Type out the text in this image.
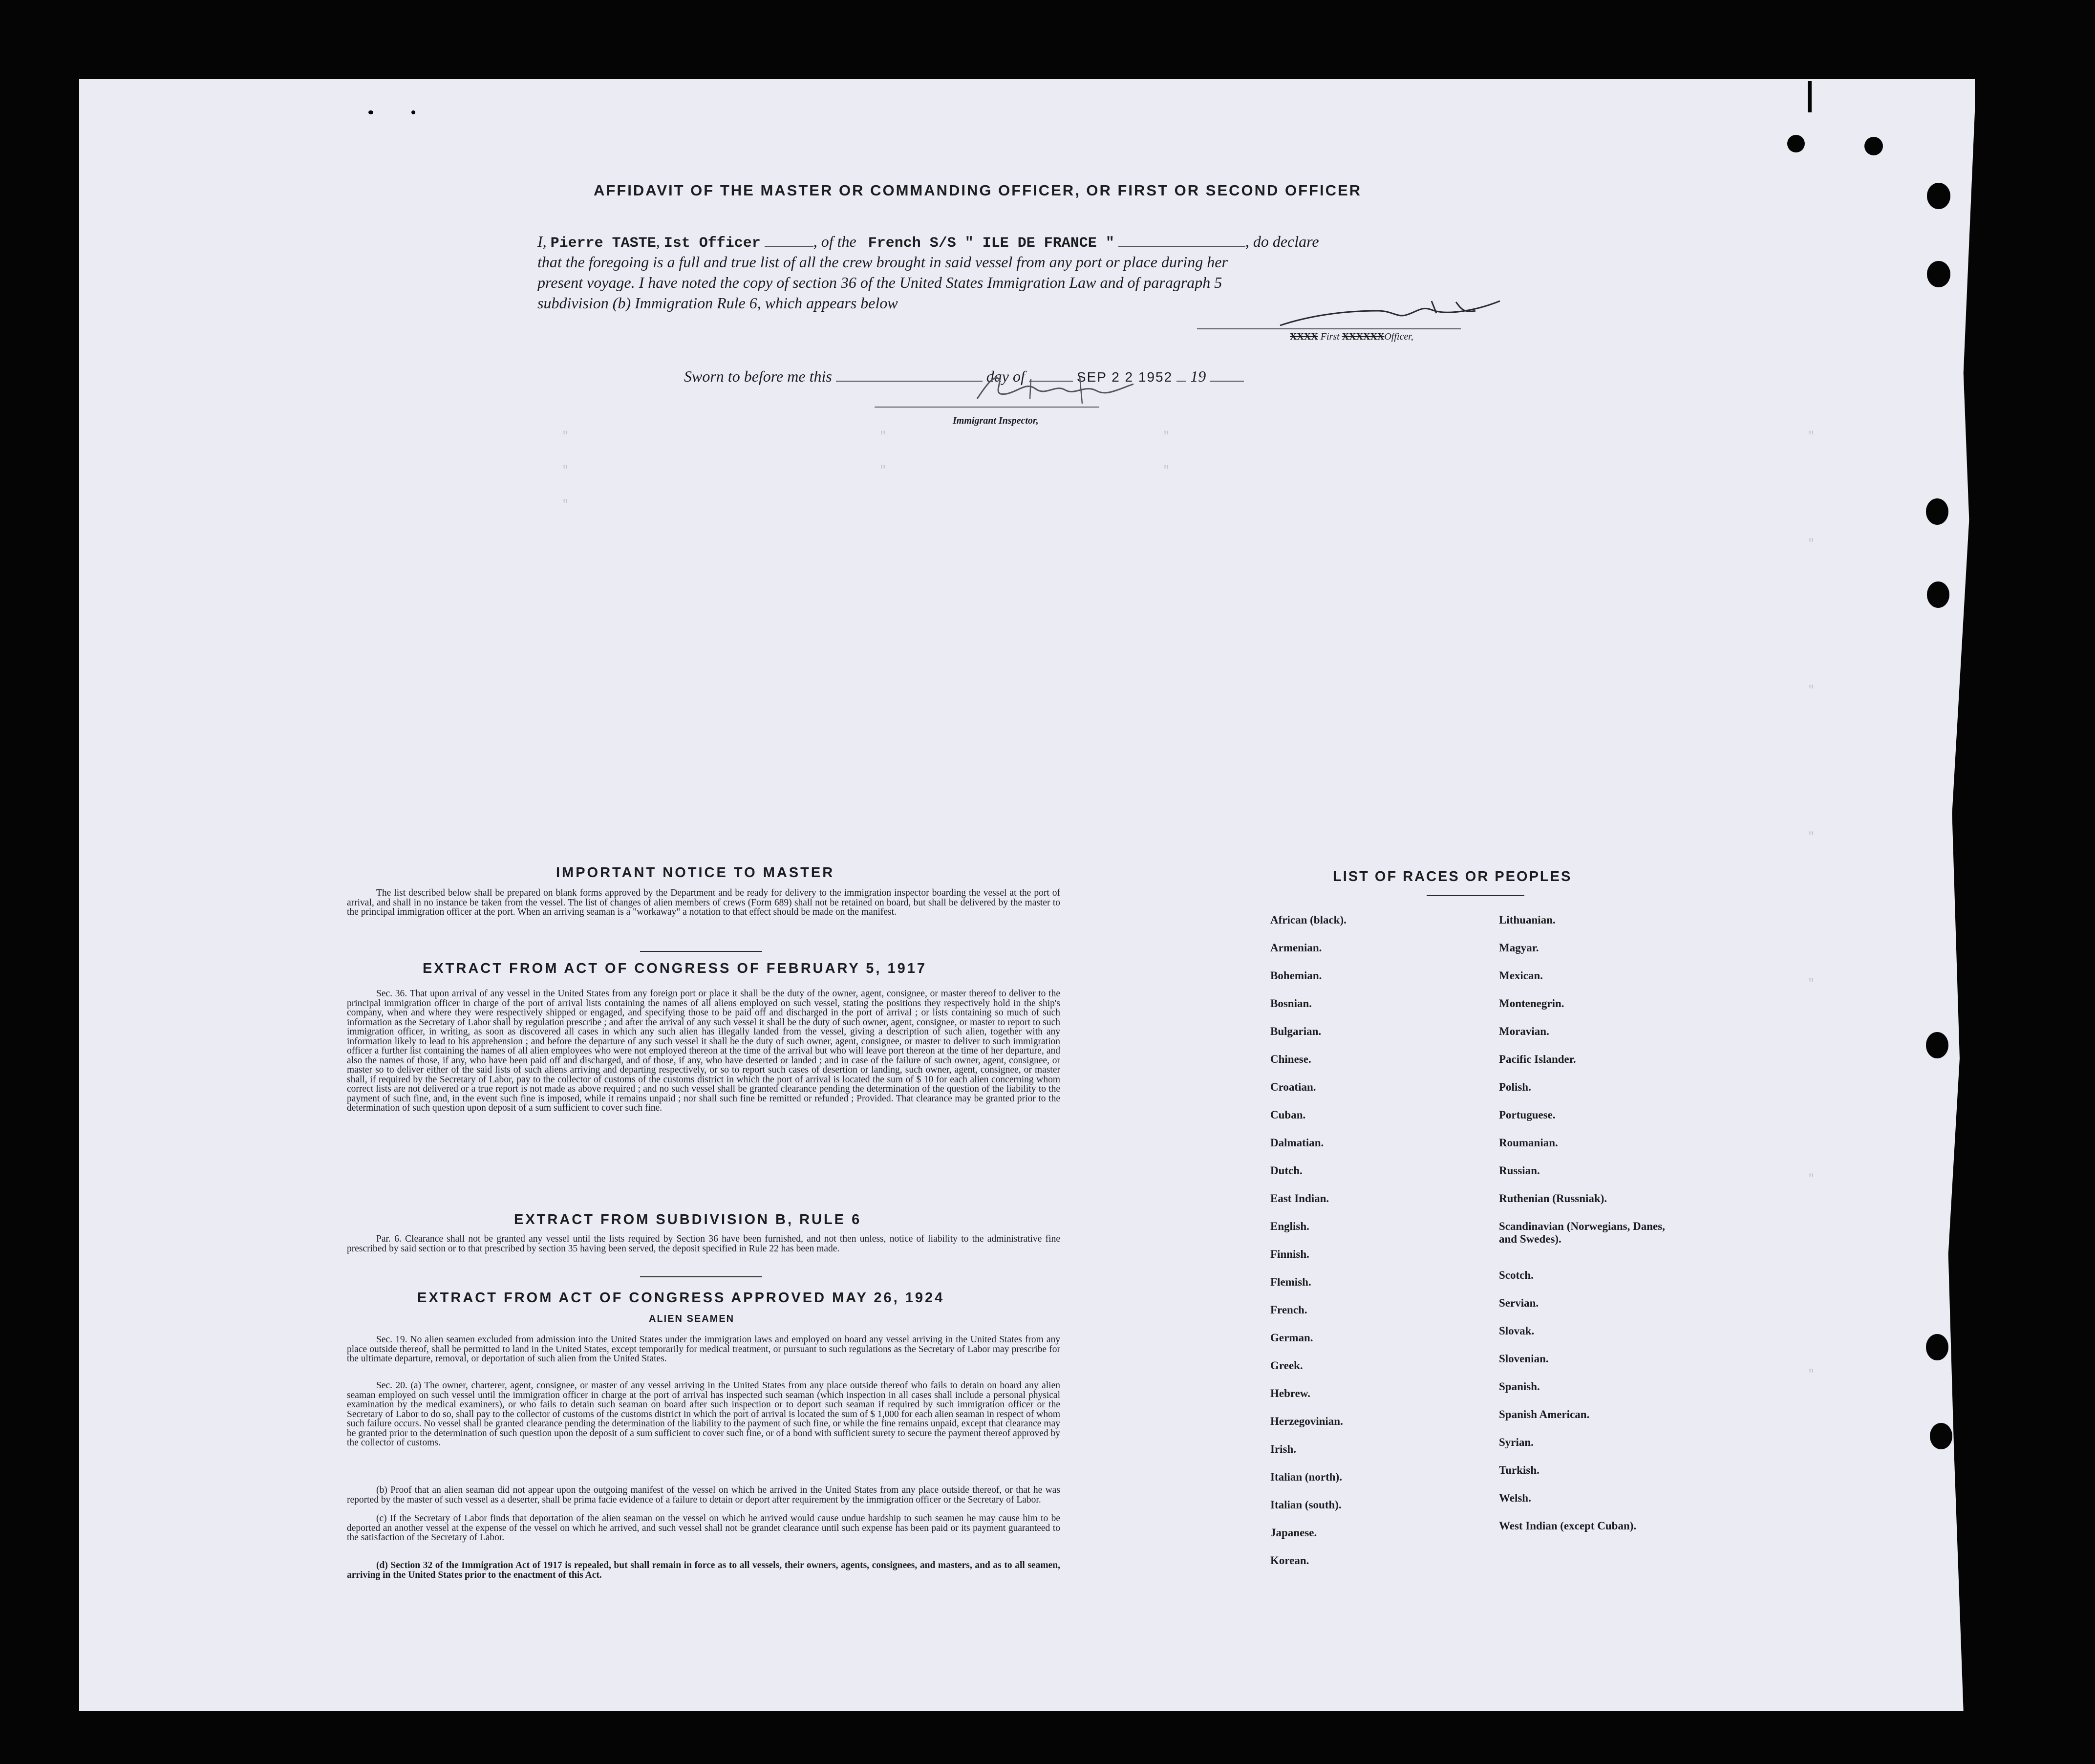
"
"
"
"
"
"
"
"
"
"
"
"
"
"
AFFIDAVIT OF THE MASTER OR COMMANDING OFFICER, OR FIRST OR SECOND OFFICER
I, Pierre TASTE, Ist Officer	, of the French S/S " ILE DE FRANCE "	, do declare
that the foregoing is a full and true list of all the crew brought in said vessel from any port or place during her
present voyage. I have noted the copy of section 36 of the United States Immigration Law and of paragraph 5
subdivision (b) Immigration Rule 6, which appears below
XXXX First XXXXXXOfficer,
Sworn to before me this	day of	SEP 2 2 1952 19
Immigrant Inspector,
IMPORTANT NOTICE TO MASTER
The list described below shall be prepared on blank forms approved by the Department and be ready for delivery to the immigration inspector boarding the vessel at the port of arrival, and shall in no instance be taken from the vessel. The list of changes of alien members of crews (Form 689) shall not be retained on board, but shall be delivered by the master to the principal immigration officer at the port. When an arriving seaman is a "workaway" a notation to that effect should be made on the manifest.
EXTRACT FROM ACT OF CONGRESS OF FEBRUARY 5, 1917
Sec. 36. That upon arrival of any vessel in the United States from any foreign port or place it shall be the duty of the owner, agent, consignee, or master thereof to deliver to the principal immigration officer in charge of the port of arrival lists containing the names of all aliens employed on such vessel, stating the positions they respectively hold in the ship's company, when and where they were respectively shipped or engaged, and specifying those to be paid off and discharged in the port of arrival ; or lists containing so much of such information as the Secretary of Labor shall by regulation prescribe ; and after the arrival of any such vessel it shall be the duty of such owner, agent, consignee, or master to report to such immigration officer, in writing, as soon as discovered all cases in which any such alien has illegally landed from the vessel, giving a description of such alien, together with any information likely to lead to his apprehension ; and before the departure of any such vessel it shall be the duty of such owner, agent, consignee, or master to deliver to such immigration officer a further list containing the names of all alien employees who were not employed thereon at the time of the arrival but who will leave port thereon at the time of her departure, and also the names of those, if any, who have been paid off and discharged, and of those, if any, who have deserted or landed ; and in case of the failure of such owner, agent, consignee, or master so to deliver either of the said lists of such aliens arriving and departing respectively, or so to report such cases of desertion or landing, such owner, agent, consignee, or master shall, if required by the Secretary of Labor, pay to the collector of customs of the customs district in which the port of arrival is located the sum of $ 10 for each alien concerning whom correct lists are not delivered or a true report is not made as above required ; and no such vessel shall be granted clearance pending the determination of the question of the liability to the payment of such fine, and, in the event such fine is imposed, while it remains unpaid ; nor shall such fine be remitted or refunded ; Provided. That clearance may be granted prior to the determination of such question upon deposit of a sum sufficient to cover such fine.
EXTRACT FROM SUBDIVISION B, RULE 6
Par. 6. Clearance shall not be granted any vessel until the lists required by Section 36 have been furnished, and not then unless, notice of liability to the administrative fine prescribed by said section or to that prescribed by section 35 having been served, the deposit specified in Rule 22 has been made.
EXTRACT FROM ACT OF CONGRESS APPROVED MAY 26, 1924
ALIEN SEAMEN
Sec. 19. No alien seamen excluded from admission into the United States under the immigration laws and employed on board any vessel arriving in the United States from any place outside thereof, shall be permitted to land in the United States, except temporarily for medical treatment, or pursuant to such regulations as the Secretary of Labor may prescribe for the ultimate departure, removal, or deportation of such alien from the United States.
Sec. 20. (a) The owner, charterer, agent, consignee, or master of any vessel arriving in the United States from any place outside thereof who fails to detain on board any alien seaman employed on such vessel until the immigration officer in charge at the port of arrival has inspected such seaman (which inspection in all cases shall include a personal physical examination by the medical examiners), or who fails to detain such seaman on board after such inspection or to deport such seaman if required by such immigration officer or the Secretary of Labor to do so, shall pay to the collector of customs of the customs district in which the port of arrival is located the sum of $ 1,000 for each alien seaman in respect of whom such failure occurs. No vessel shall be granted clearance pending the determination of the liability to the payment of such fine, or while the fine remains unpaid, except that clearance may be granted prior to the determination of such question upon the deposit of a sum sufficient to cover such fine, or of a bond with sufficient surety to secure the payment thereof approved by the collector of customs.
(b) Proof that an alien seaman did not appear upon the outgoing manifest of the vessel on which he arrived in the United States from any place outside thereof, or that he was reported by the master of such vessel as a deserter, shall be prima facie evidence of a failure to detain or deport after requirement by the immigration officer or the Secretary of Labor.
(c) If the Secretary of Labor finds that deportation of the alien seaman on the vessel on which he arrived would cause undue hardship to such seamen he may cause him to be deported an another vessel at the expense of the vessel on which he arrived, and such vessel shall not be grandet clearance until such expense has been paid or its payment guaranteed to the satisfaction of the Secretary of Labor.
(d) Section 32 of the Immigration Act of 1917 is repealed, but shall remain in force as to all vessels, their owners, agents, consignees, and masters, and as to all seamen, arriving in the United States prior to the enactment of this Act.
LIST OF RACES OR PEOPLES
African (black).
Armenian.
Bohemian.
Bosnian.
Bulgarian.
Chinese.
Croatian.
Cuban.
Dalmatian.
Dutch.
East Indian.
English.
Finnish.
Flemish.
French.
German.
Greek.
Hebrew.
Herzegovinian.
Irish.
Italian (north).
Italian (south).
Japanese.
Korean.
Lithuanian.
Magyar.
Mexican.
Montenegrin.
Moravian.
Pacific Islander.
Polish.
Portuguese.
Roumanian.
Russian.
Ruthenian (Russniak).
Scandinavian (Norwegians, Danes, and Swedes).
Scotch.
Servian.
Slovak.
Slovenian.
Spanish.
Spanish American.
Syrian.
Turkish.
Welsh.
West Indian (except Cuban).
